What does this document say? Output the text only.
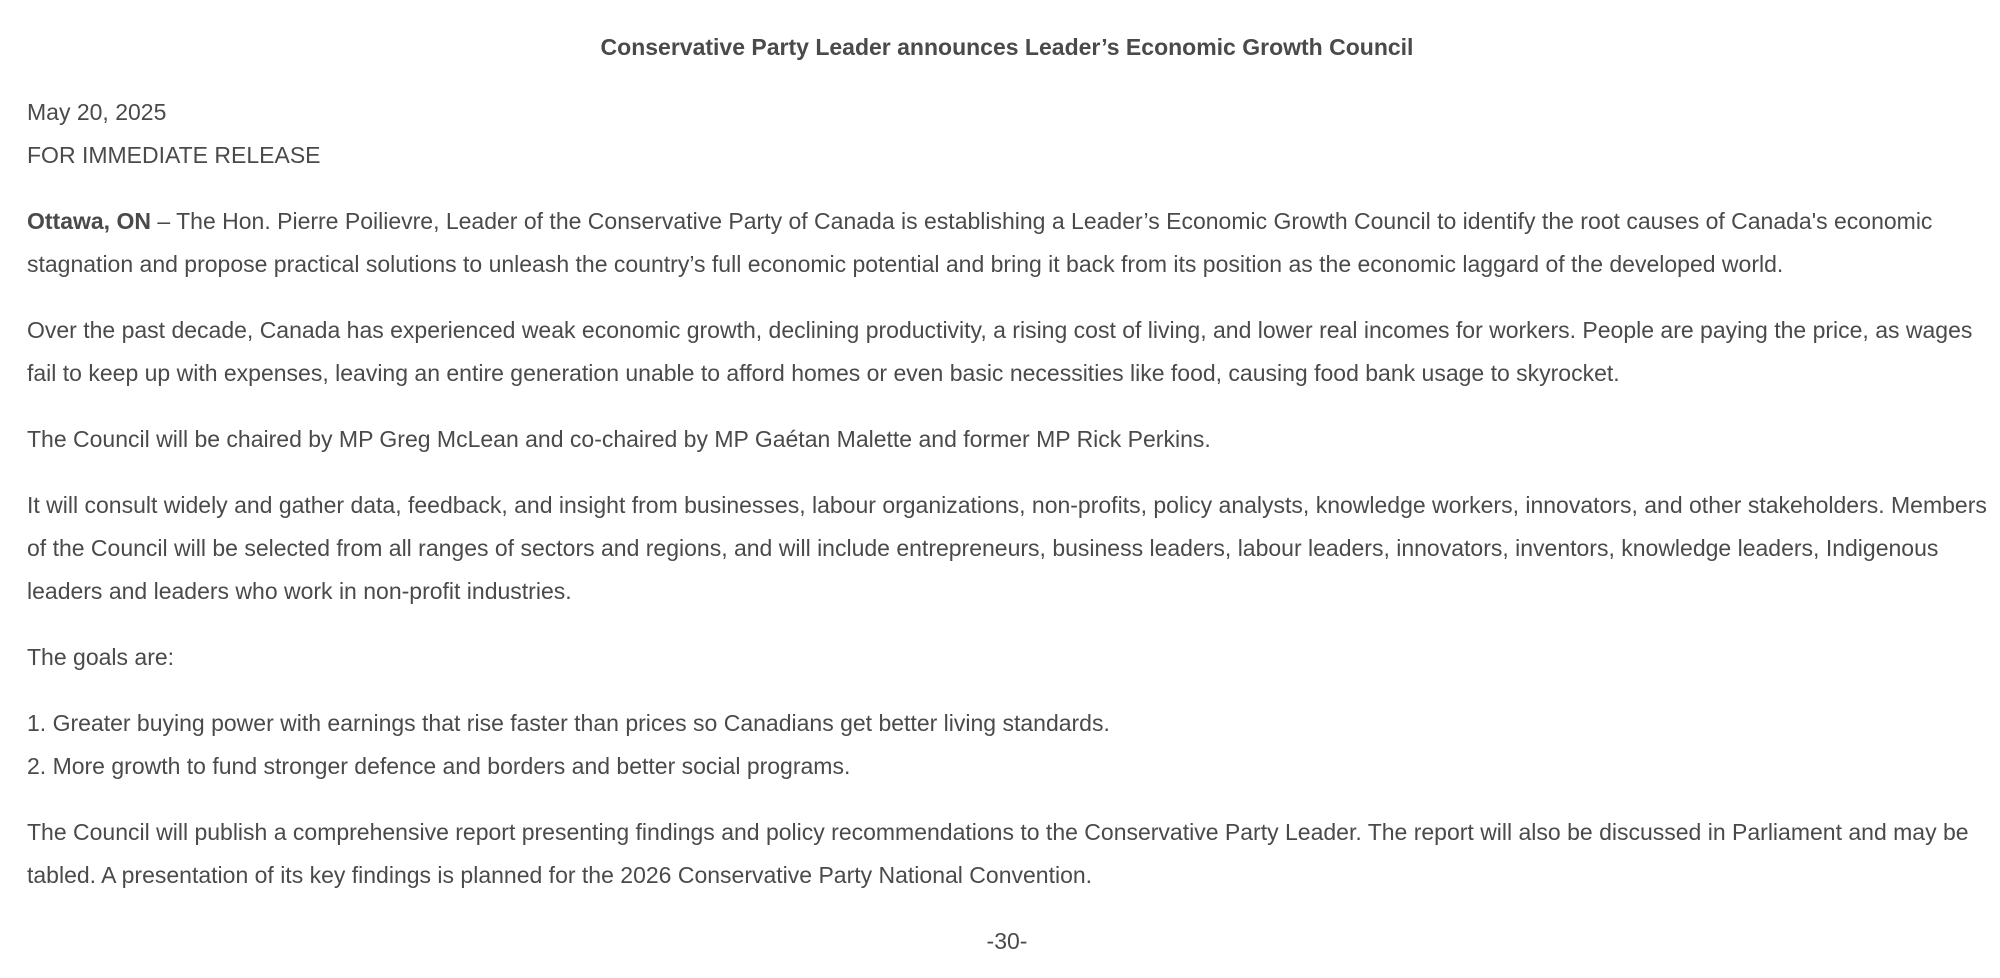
Conservative Party Leader announces Leader’s Economic Growth Council
May 20, 2025
FOR IMMEDIATE RELEASE

Ottawa, ON – The Hon. Pierre Poilievre, Leader of the Conservative Party of Canada is establishing a Leader’s Economic Growth Council to identify the root causes of Canada's economic stagnation and propose practical solutions to unleash the country’s full economic potential and bring it back from its position as the economic laggard of the developed world.

Over the past decade, Canada has experienced weak economic growth, declining productivity, a rising cost of living, and lower real incomes for workers. People are paying the price, as wages fail to keep up with expenses, leaving an entire generation unable to afford homes or even basic necessities like food, causing food bank usage to skyrocket.

The Council will be chaired by MP Greg McLean and co-chaired by MP Gaétan Malette and former MP Rick Perkins.

It will consult widely and gather data, feedback, and insight from businesses, labour organizations, non-profits, policy analysts, knowledge workers, innovators, and other stakeholders. Members of the Council will be selected from all ranges of sectors and regions, and will include entrepreneurs, business leaders, labour leaders, innovators, inventors, knowledge leaders, Indigenous leaders and leaders who work in non-profit industries.

The goals are:

1. Greater buying power with earnings that rise faster than prices so Canadians get better living standards.
2. More growth to fund stronger defence and borders and better social programs.

The Council will publish a comprehensive report presenting findings and policy recommendations to the Conservative Party Leader. The report will also be discussed in Parliament and may be tabled. A presentation of its key findings is planned for the 2026 Conservative Party National Convention.

-30-
